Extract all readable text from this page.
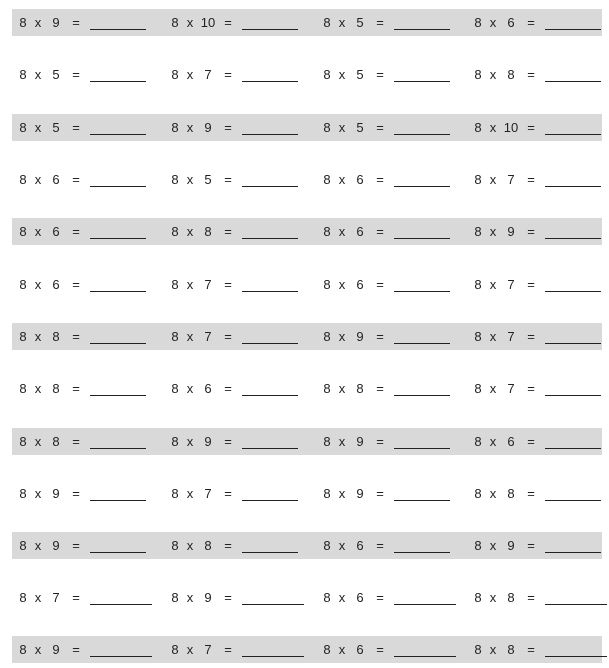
8 x 9 =	8 x 10 =	8 x 5 =	8 x 6 =
8 x 5 =	8 x 7 =	8 x 5 =	8 x 8 =
8 x 5 =	8 x 9 =	8 x 5 =	8 x 10 =
8 x 6 =	8 x 5 =	8 x 6 =	8 x 7 =
8 x 6 =	8 x 8 =	8 x 6 =	8 x 9 =
8 x 6 =	8 x 7 =	8 x 6 =	8 x 7 =
8 x 8 =	8 x 7 =	8 x 9 =	8 x 7 =
8 x 8 =	8 x 6 =	8 x 8 =	8 x 7 =
8 x 8 =	8 x 9 =	8 x 9 =	8 x 6 =
8 x 9 =	8 x 7 =	8 x 9 =	8 x 8 =
8 x 9 =	8 x 8 =	8 x 6 =	8 x 9 =
8 x 7 =	8 x 9 =	8 x 6 =	8 x 8 =
8 x 9 =	8 x 7 =	8 x 6 =	8 x 8 =
